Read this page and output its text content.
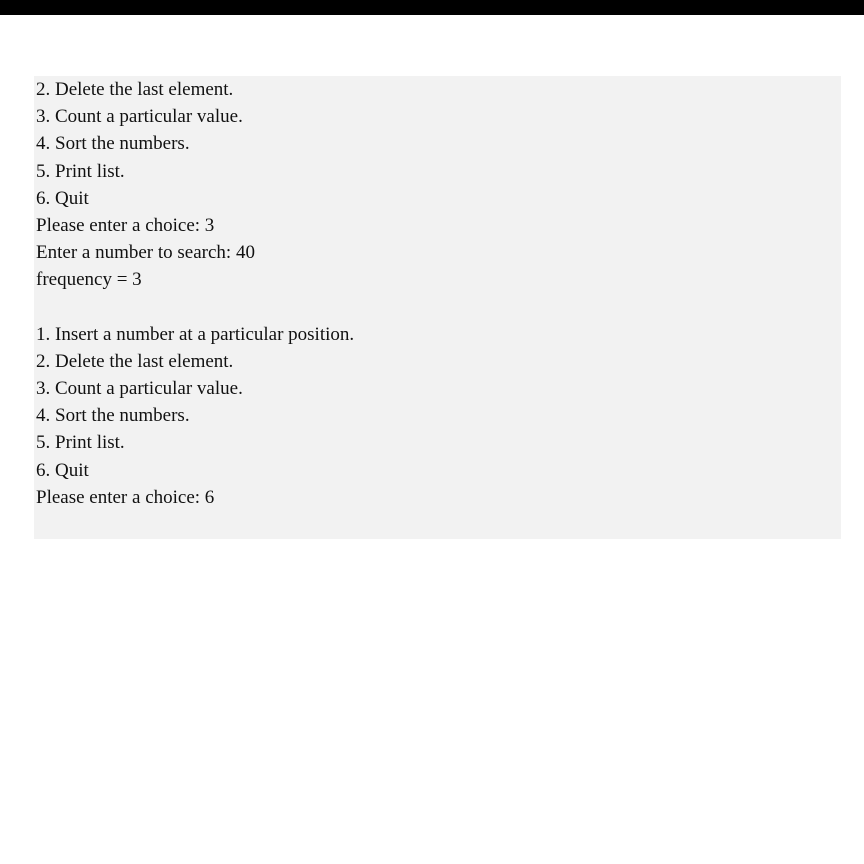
2. Delete the last element.
3. Count a particular value.
4. Sort the numbers.
5. Print list.
6. Quit
Please enter a choice: 3
Enter a number to search: 40
frequency = 3
1. Insert a number at a particular position.
2. Delete the last element.
3. Count a particular value.
4. Sort the numbers.
5. Print list.
6. Quit
Please enter a choice: 6
